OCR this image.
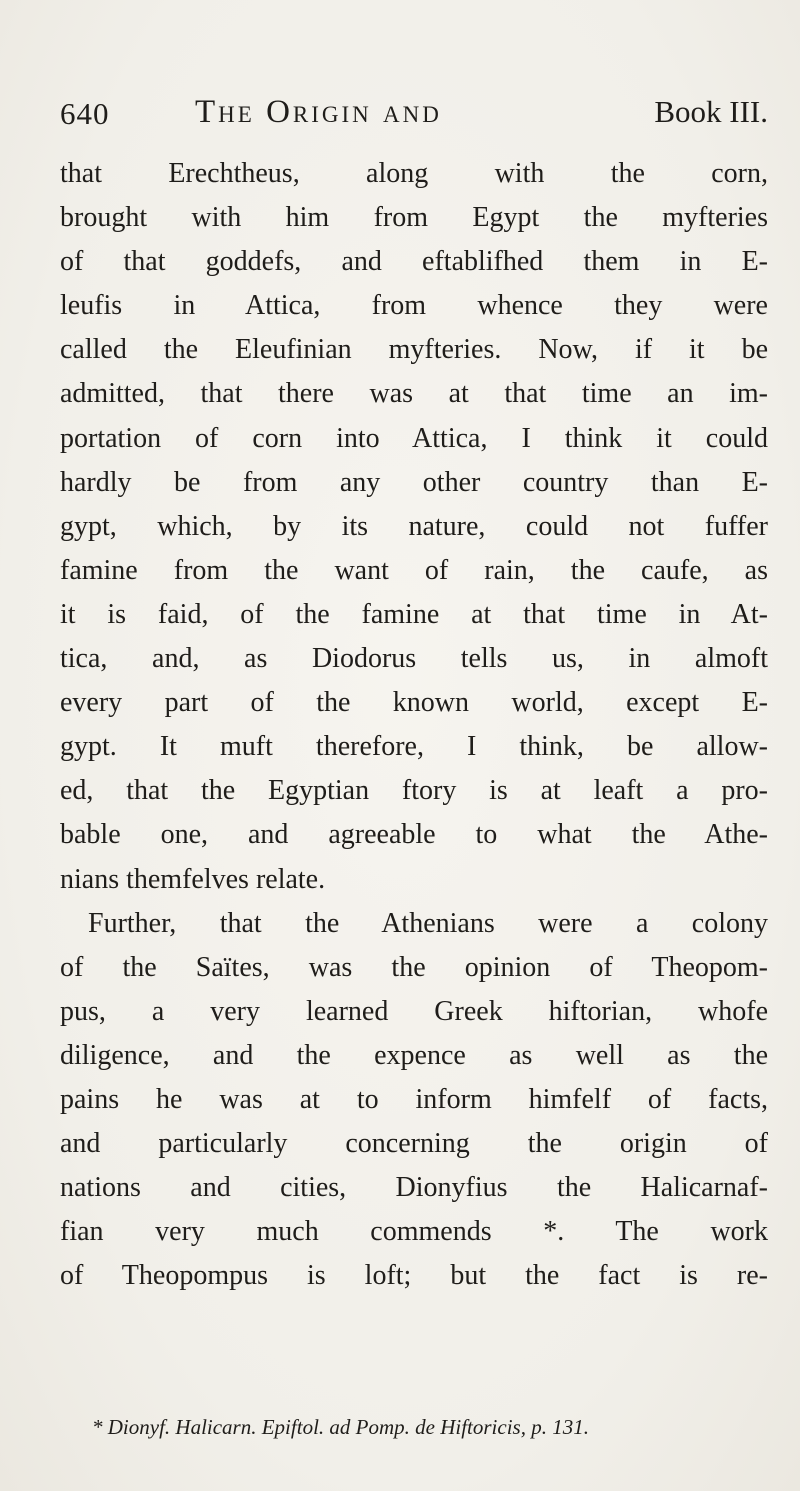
640	The Origin and	Book III.
that Erechtheus, along with the corn,
brought with him from Egypt the myfteries
of that goddefs, and eftablifhed them in E-
leufis in Attica, from whence they were
called the Eleufinian myfteries. Now, if it be
admitted, that there was at that time an im-
portation of corn into Attica, I think it could
hardly be from any other country than E-
gypt, which, by its nature, could not fuffer
famine from the want of rain, the caufe, as
it is faid, of the famine at that time in At-
tica, and, as Diodorus tells us, in almoft
every part of the known world, except E-
gypt. It muft therefore, I think, be allow-
ed, that the Egyptian ftory is at leaft a pro-
bable one, and agreeable to what the Athe-
nians themfelves relate.
Further, that the Athenians were a colony
of the Saïtes, was the opinion of Theopom-
pus, a very learned Greek hiftorian, whofe
diligence, and the expence as well as the
pains he was at to inform himfelf of facts,
and particularly concerning the origin of
nations and cities, Dionyfius the Halicarnaf-
fian very much commends *. The work
of Theopompus is loft; but the fact is re-
* Dionyf. Halicarn. Epiftol. ad Pomp. de Hiftoricis, p. 131.
